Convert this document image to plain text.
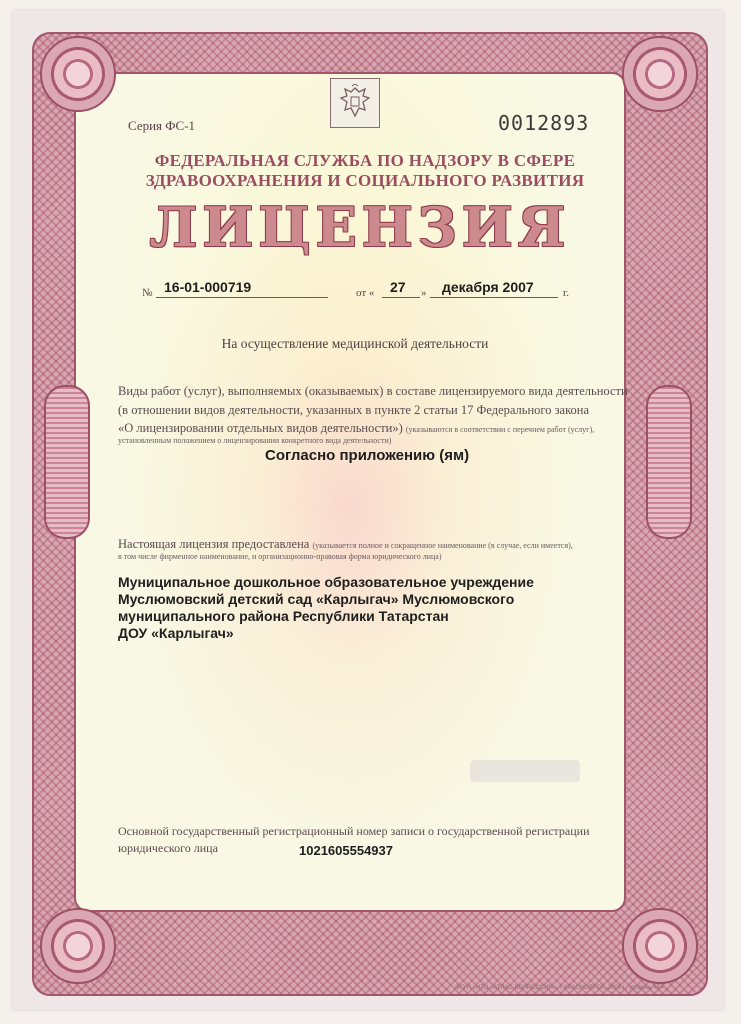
Серия ФС-1	0012893
ФЕДЕРАЛЬНАЯ СЛУЖБА ПО НАДЗОРУ В СФЕРЕ
ЗДРАВООХРАНЕНИЯ И СОЦИАЛЬНОГО РАЗВИТИЯ
ЛИЦЕНЗИЯ
№ 16-01-000719	от « 27 » декабря 2007	г.
На осуществление медицинской деятельности
Виды работ (услуг), выполняемых (оказываемых) в составе лицензируемого вида деятельности
(в отношении видов деятельности, указанных в пункте 2 статьи 17 Федерального закона
«О лицензировании отдельных видов деятельности») (указываются в соответствии с перечнем работ (услуг),
установленным положением о лицензировании конкретного вида деятельности)
Согласно приложению (ям)
Настоящая лицензия предоставлена (указывается полное и сокращенное наименование (в случае, если имеется),
в том числе фирменное наименование, и организационно-правовая форма юридического лица)
Муниципальное дошкольное образовательное учреждение
Муслюмовский детский сад «Карлыгач» Муслюмовского
муниципального района Республики Татарстан
ДОУ «Карлыгач»
Основной государственный регистрационный номер записи о государственной регистрации
юридического лица	1021605554937
ФГУП «НТЦ «АТЛАС-ВОЛРОССИЯ», г. КРАСНОЯРСК, 2006 г., уровень «Б»
